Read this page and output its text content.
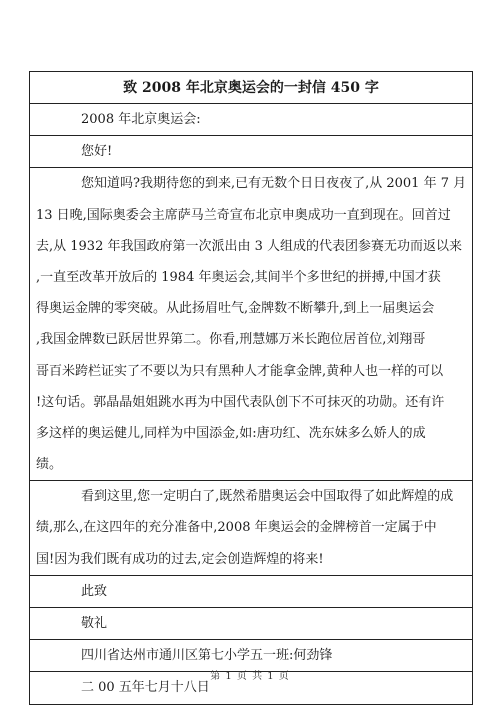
致 2008 年北京奥运会的一封信 450 字
2008 年北京奥运会:
您好!
您知道吗?我期待您的到来,已有无数个日日夜夜了,从 2001 年 7 月
13 日晚,国际奥委会主席萨马兰奇宣布北京申奥成功一直到现在。回首过
去,从 1932 年我国政府第一次派出由 3 人组成的代表团参赛无功而返以来
,一直至改革开放后的 1984 年奥运会,其间半个多世纪的拼搏,中国才获
得奥运金牌的零突破。从此扬眉吐气,金牌数不断攀升,到上一届奥运会
,我国金牌数已跃居世界第二。你看,刑慧娜万米长跑位居首位,刘翔哥
哥百米跨栏证实了不要以为只有黑种人才能拿金牌,黄种人也一样的可以
!这句话。郭晶晶姐姐跳水再为中国代表队创下不可抹灭的功勋。还有许
多这样的奥运健儿,同样为中国添金,如:唐功红、冼东妹多么娇人的成
绩。
看到这里,您一定明白了,既然希腊奥运会中国取得了如此辉煌的成
绩,那么,在这四年的充分准备中,2008 年奥运会的金牌榜首一定属于中
国!因为我们既有成功的过去,定会创造辉煌的将来!
此致
敬礼
四川省达州市通川区第七小学五一班:何劲锋
二 00 五年七月十八日
第 1 页 共 1 页
